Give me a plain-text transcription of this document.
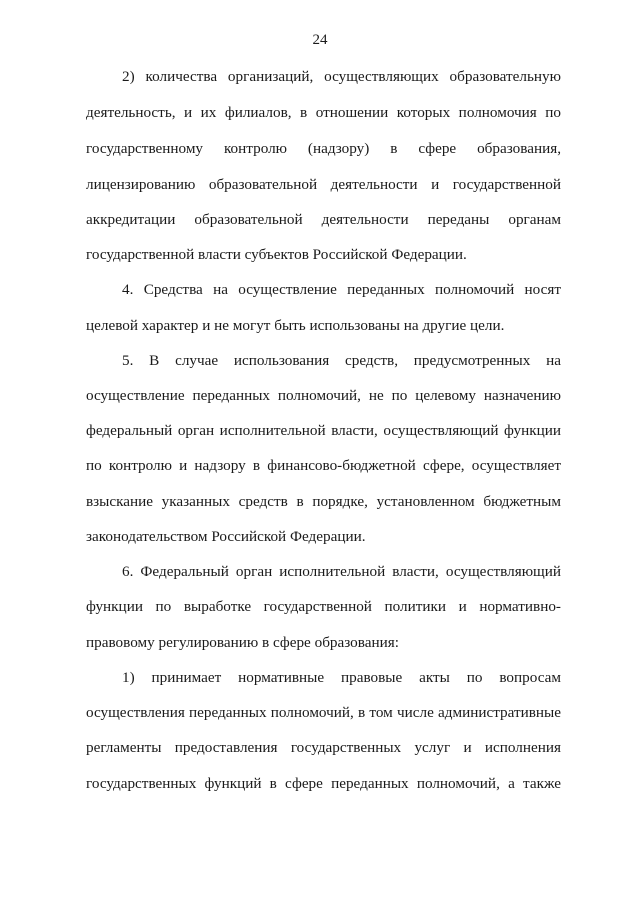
24
2) количества организаций, осуществляющих образовательную
деятельность, и их филиалов, в отношении которых полномочия по
государственному контролю (надзору) в сфере образования,
лицензированию образовательной деятельности и государственной
аккредитации образовательной деятельности переданы органам
государственной власти субъектов Российской Федерации.
4. Средства на осуществление переданных полномочий носят
целевой характер и не могут быть использованы на другие цели.
5. В случае использования средств, предусмотренных на
осуществление переданных полномочий, не по целевому назначению
федеральный орган исполнительной власти, осуществляющий функции
по контролю и надзору в финансово-бюджетной сфере, осуществляет
взыскание указанных средств в порядке, установленном бюджетным
законодательством Российской Федерации.
6. Федеральный орган исполнительной власти, осуществляющий
функции по выработке государственной политики и нормативно-
правовому регулированию в сфере образования:
1) принимает нормативные правовые акты по вопросам
осуществления переданных полномочий, в том числе административные
регламенты предоставления государственных услуг и исполнения
государственных функций в сфере переданных полномочий, а также
